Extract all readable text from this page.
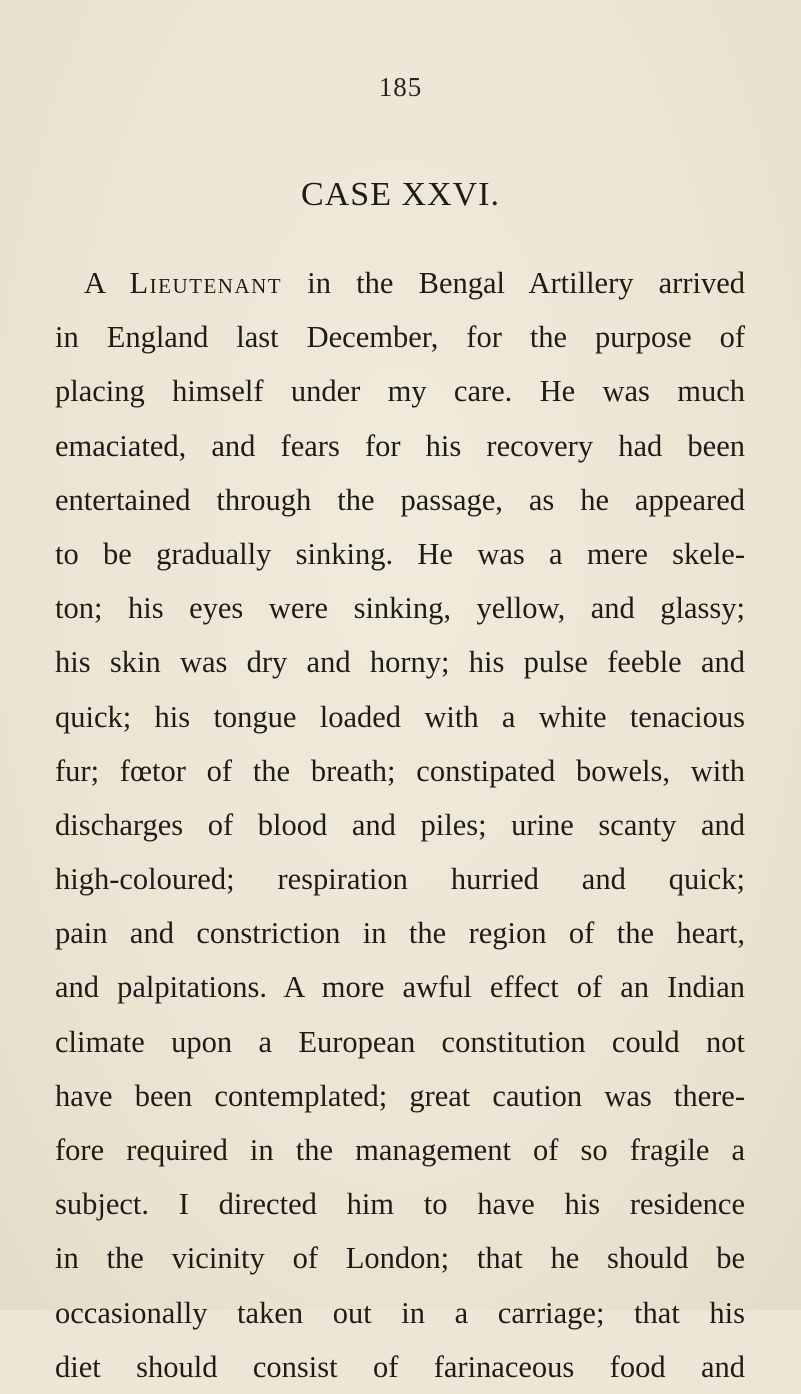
185
CASE XXVI.
A Lieutenant in the Bengal Artillery arrived
in England last December, for the purpose of
placing himself under my care. He was much
emaciated, and fears for his recovery had been
entertained through the passage, as he appeared
to be gradually sinking. He was a mere skele-
ton; his eyes were sinking, yellow, and glassy;
his skin was dry and horny; his pulse feeble and
quick; his tongue loaded with a white tenacious
fur; fœtor of the breath; constipated bowels, with
discharges of blood and piles; urine scanty and
high-coloured; respiration hurried and quick;
pain and constriction in the region of the heart,
and palpitations. A more awful effect of an Indian
climate upon a European constitution could not
have been contemplated; great caution was there-
fore required in the management of so fragile a
subject. I directed him to have his residence
in the vicinity of London; that he should be
occasionally taken out in a carriage; that his
diet should consist of farinaceous food and
